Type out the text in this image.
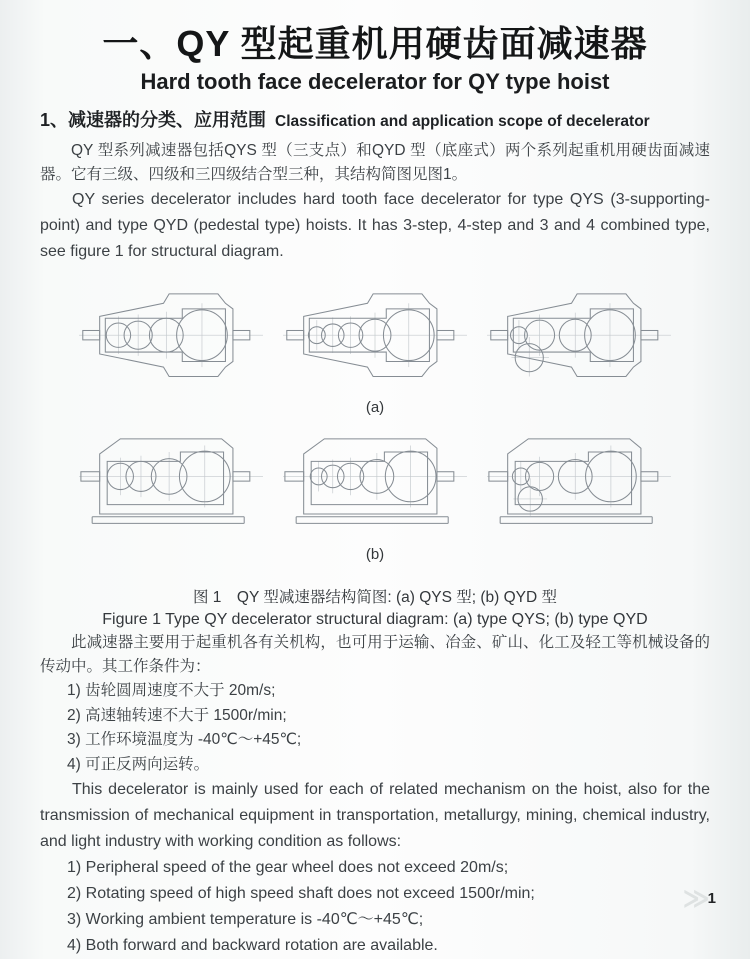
一、QY 型起重机用硬齿面减速器
Hard tooth face decelerator for QY type hoist
1、减速器的分类、应用范围 Classification and application scope of decelerator

QY 型系列减速器包括QYS 型（三支点）和QYD 型（底座式）两个系列起重机用硬齿面减速器。它有三级、四级和三四级结合型三种，其结构简图见图1。

QY series decelerator includes hard tooth face decelerator for type QYS (3-supporting-point) and type QYD (pedestal type) hoists. It has 3-step, 4-step and 3 and 4 combined type, see figure 1 for structural diagram.

(a)
(b)
图 1　QY 型减速器结构简图: (a) QYS 型; (b) QYD 型
Figure 1 Type QY decelerator structural diagram: (a) type QYS; (b) type QYD

此减速器主要用于起重机各有关机构，也可用于运输、冶金、矿山、化工及轻工等机械设备的传动中。其工作条件为：

1) 齿轮圆周速度不大于 20m/s;
2) 高速轴转速不大于 1500r/min;
3) 工作环境温度为 -40℃～+45℃;
4) 可正反两向运转。

This decelerator is mainly used for each of related mechanism on the hoist, also for the transmission of mechanical equipment in transportation, metallurgy, mining, chemical industry, and light industry with working condition as follows:

1) Peripheral speed of the gear wheel does not exceed 20m/s;
2) Rotating speed of high speed shaft does not exceed 1500r/min;
3) Working ambient temperature is -40℃～+45℃;
4) Both forward and backward rotation are available.
≫1
